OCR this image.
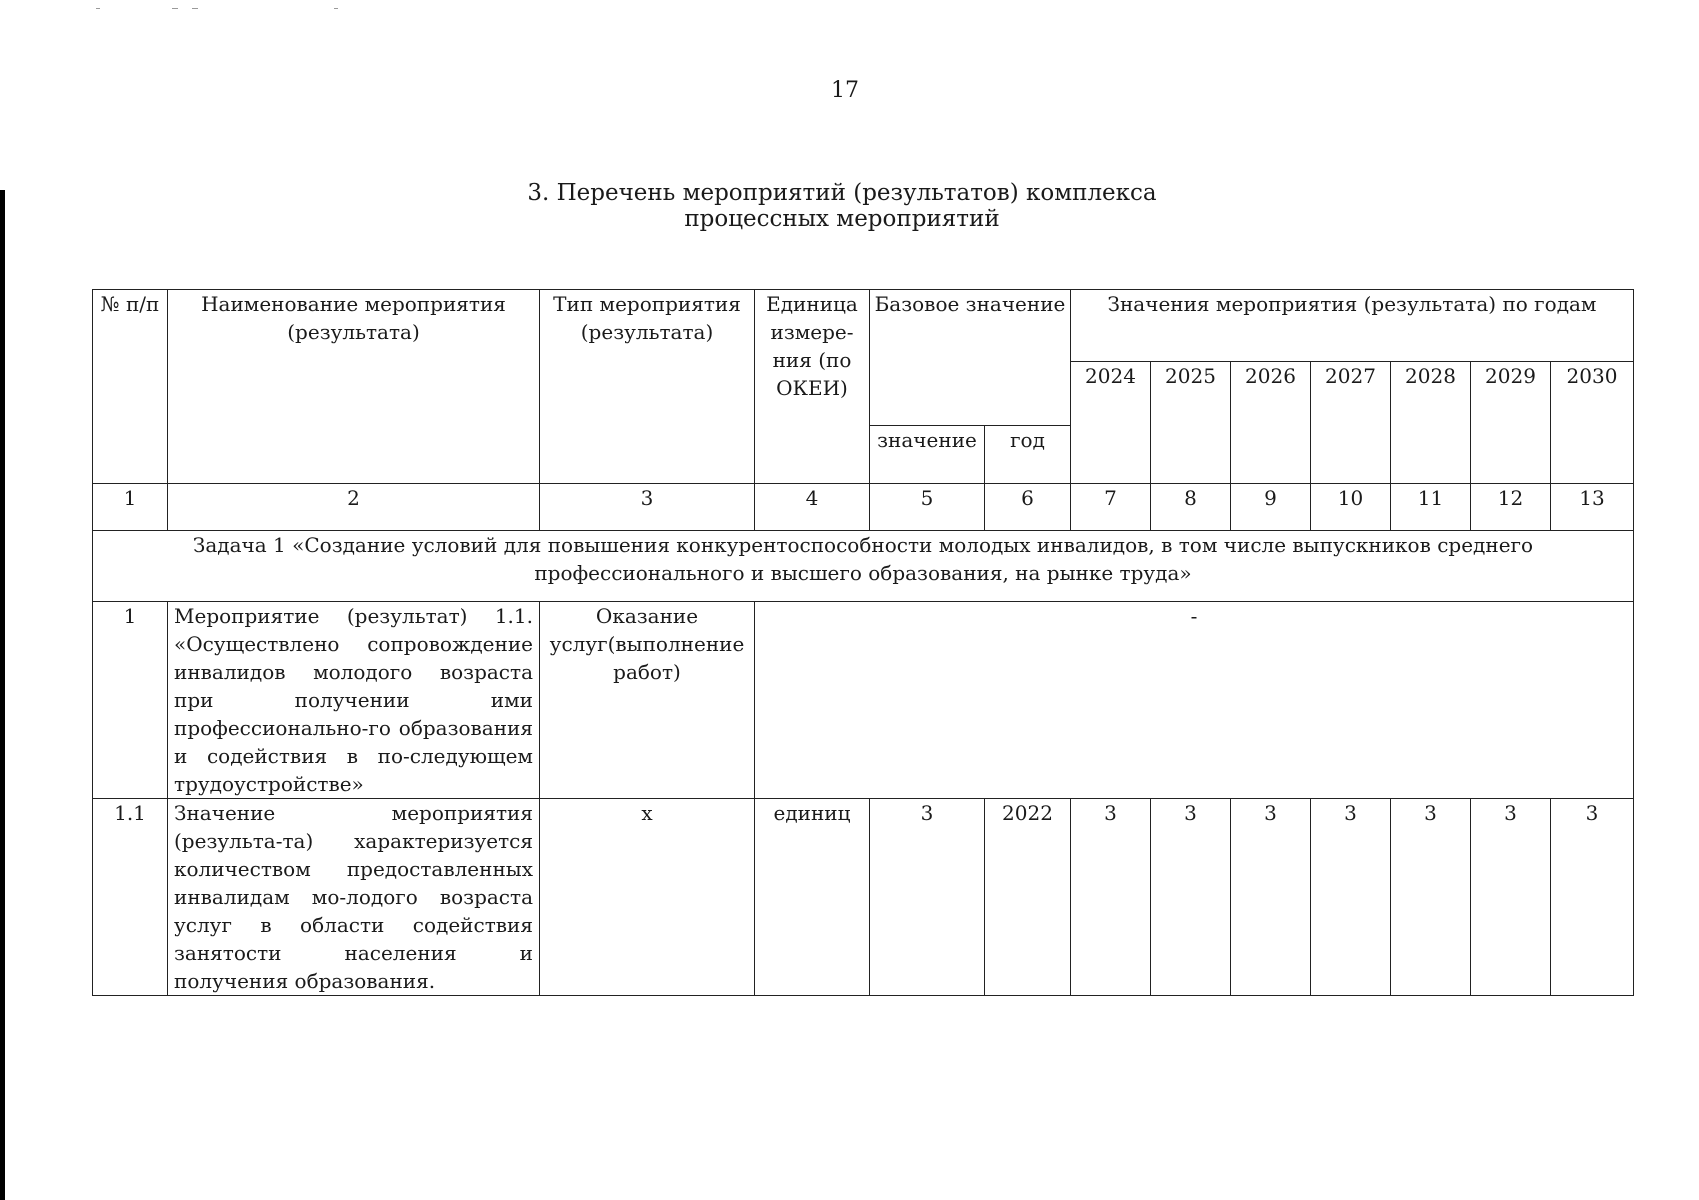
17
3. Перечень мероприятий (результатов) комплекса
процессных мероприятий
№ п/п	Наименование мероприятия (результата)	Тип мероприятия (результата)	Единица измере-ния (по ОКЕИ)	Базовое значение		Значения мероприятия (результата) по годам						
						2024	2025	2026	2027	2028	2029	2030
				значение	год							
1	2	3	4	5	6	7	8	9	10	11	12	13
Задача 1 «Создание условий для повышения конкурентоспособности молодых инвалидов, в том числе выпускников среднего профессионального и высшего образования, на рынке труда»												
1	Мероприятие (результат) 1.1. «Осуществлено сопровождение инвалидов молодого возраста при получении ими профессионально-го образования и содействия в по-следующем трудоустройстве»	Оказание услуг(выполнение работ)	-									
1.1	Значение мероприятия (результа-та) характеризуется количеством предоставленных инвалидам мо-лодого возраста услуг в области содействия занятости населения и получения образования.	х	единиц	3	2022	3	3	3	3	3	3	3
